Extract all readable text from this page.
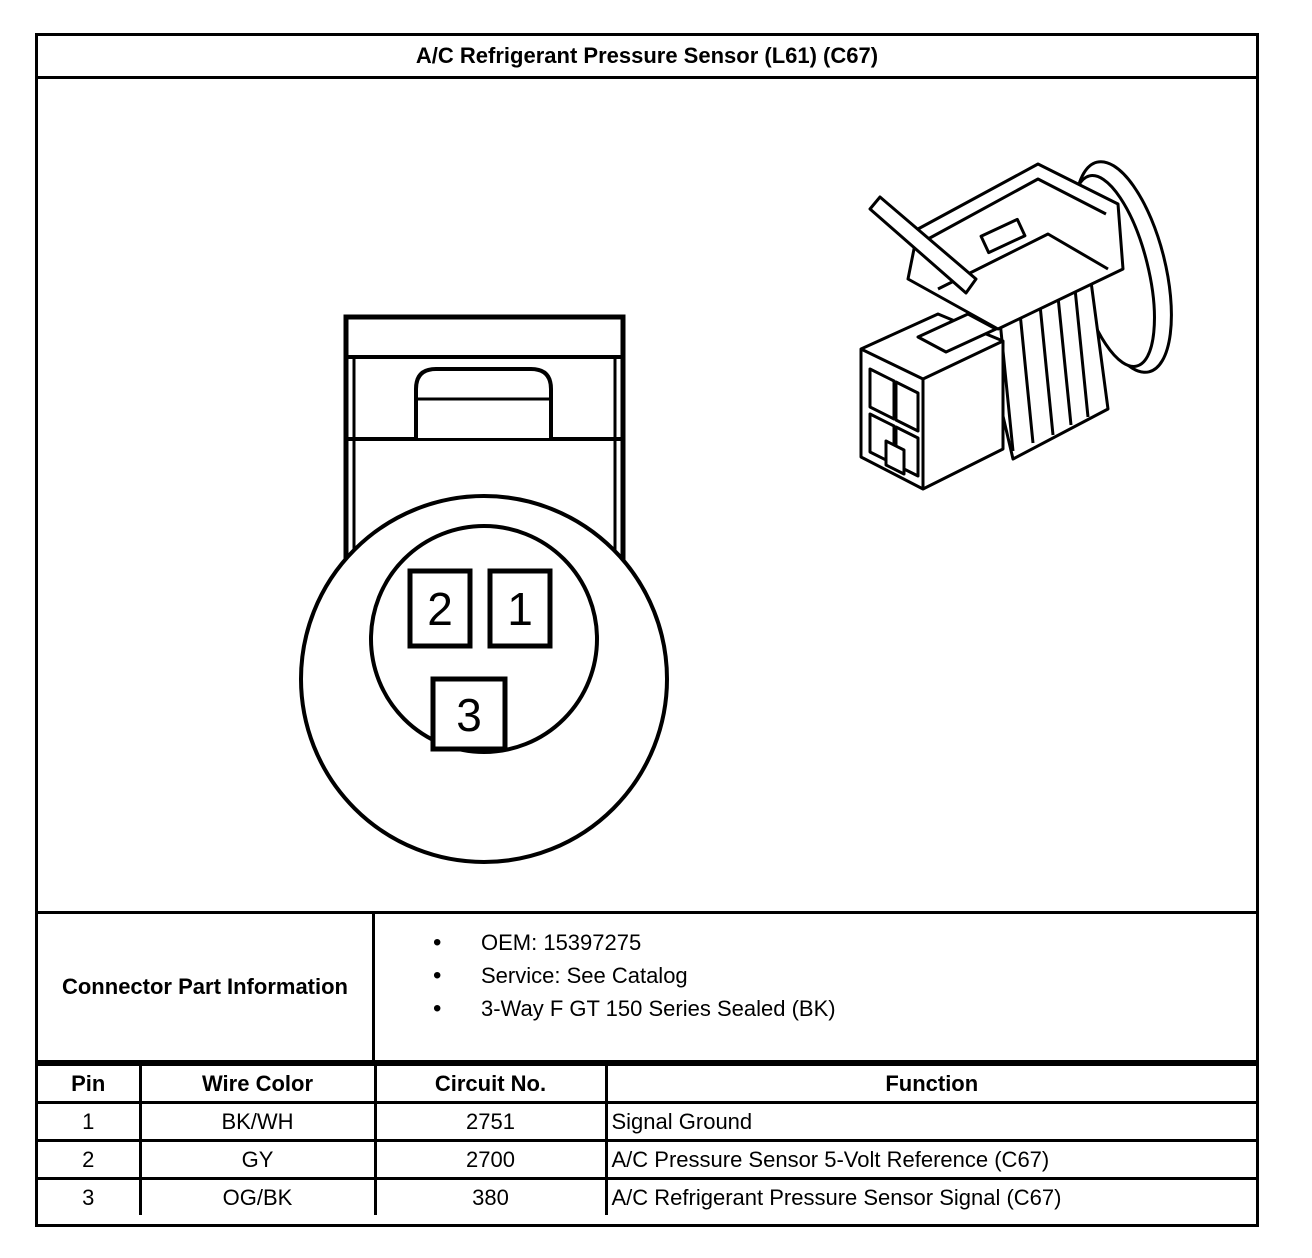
A/C Refrigerant Pressure Sensor (L61) (C67)
2 1
3
Connector Part Information
• OEM: 15397275
• Service: See Catalog
• 3-Way F GT 150 Series Sealed (BK)
Pin	Wire Color	Circuit No.	Function
1	BK/WH	2751	Signal Ground
2	GY	2700	A/C Pressure Sensor 5-Volt Reference (C67)
3	OG/BK	380	A/C Refrigerant Pressure Sensor Signal (C67)
